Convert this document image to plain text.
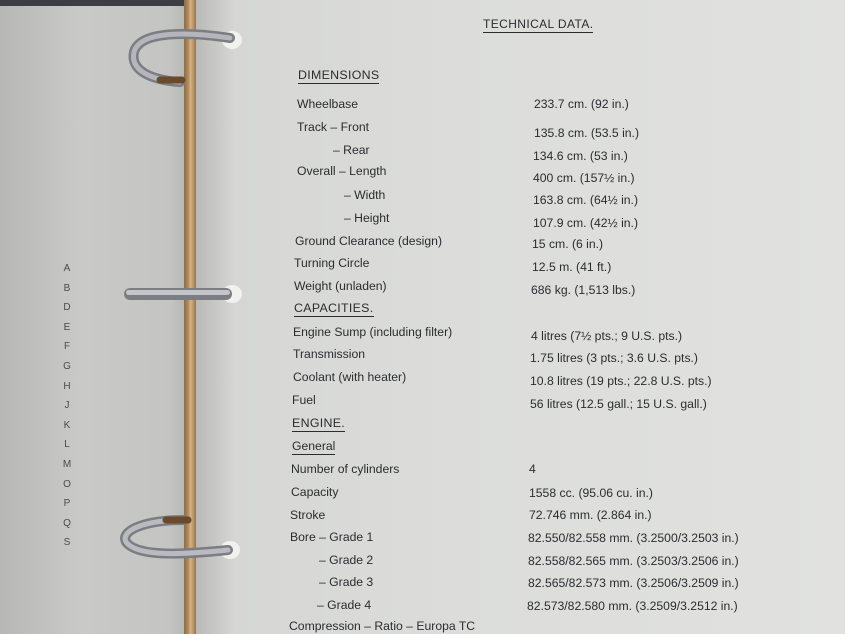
A
B
D
E
F
G
H
J
K
L
M
O
P
Q
S
TECHNICAL DATA.
DIMENSIONS
Wheelbase	233.7 cm. (92 in.)
Track – Front	135.8 cm. (53.5 in.)
– Rear	134.6 cm. (53 in.)
Overall – Length	400 cm. (157½ in.)
– Width	163.8 cm. (64½ in.)
– Height	107.9 cm. (42½ in.)
Ground Clearance (design)	15 cm. (6 in.)
Turning Circle	12.5 m. (41 ft.)
Weight (unladen)	686 kg. (1,513 lbs.)
CAPACITIES.
Engine Sump (including filter)	4 litres (7½ pts.; 9 U.S. pts.)
Transmission	1.75 litres (3 pts.; 3.6 U.S. pts.)
Coolant (with heater)	10.8 litres (19 pts.; 22.8 U.S. pts.)
Fuel	56 litres (12.5 gall.; 15 U.S. gall.)
ENGINE.
General
Number of cylinders	4
Capacity	1558 cc. (95.06 cu. in.)
Stroke	72.746 mm. (2.864 in.)
Bore – Grade 1	82.550/82.558 mm. (3.2500/3.2503 in.)
– Grade 2	82.558/82.565 mm. (3.2503/3.2506 in.)
– Grade 3	82.565/82.573 mm. (3.2506/3.2509 in.)
– Grade 4	82.573/82.580 mm. (3.2509/3.2512 in.)
Compression – Ratio – Europa TC
